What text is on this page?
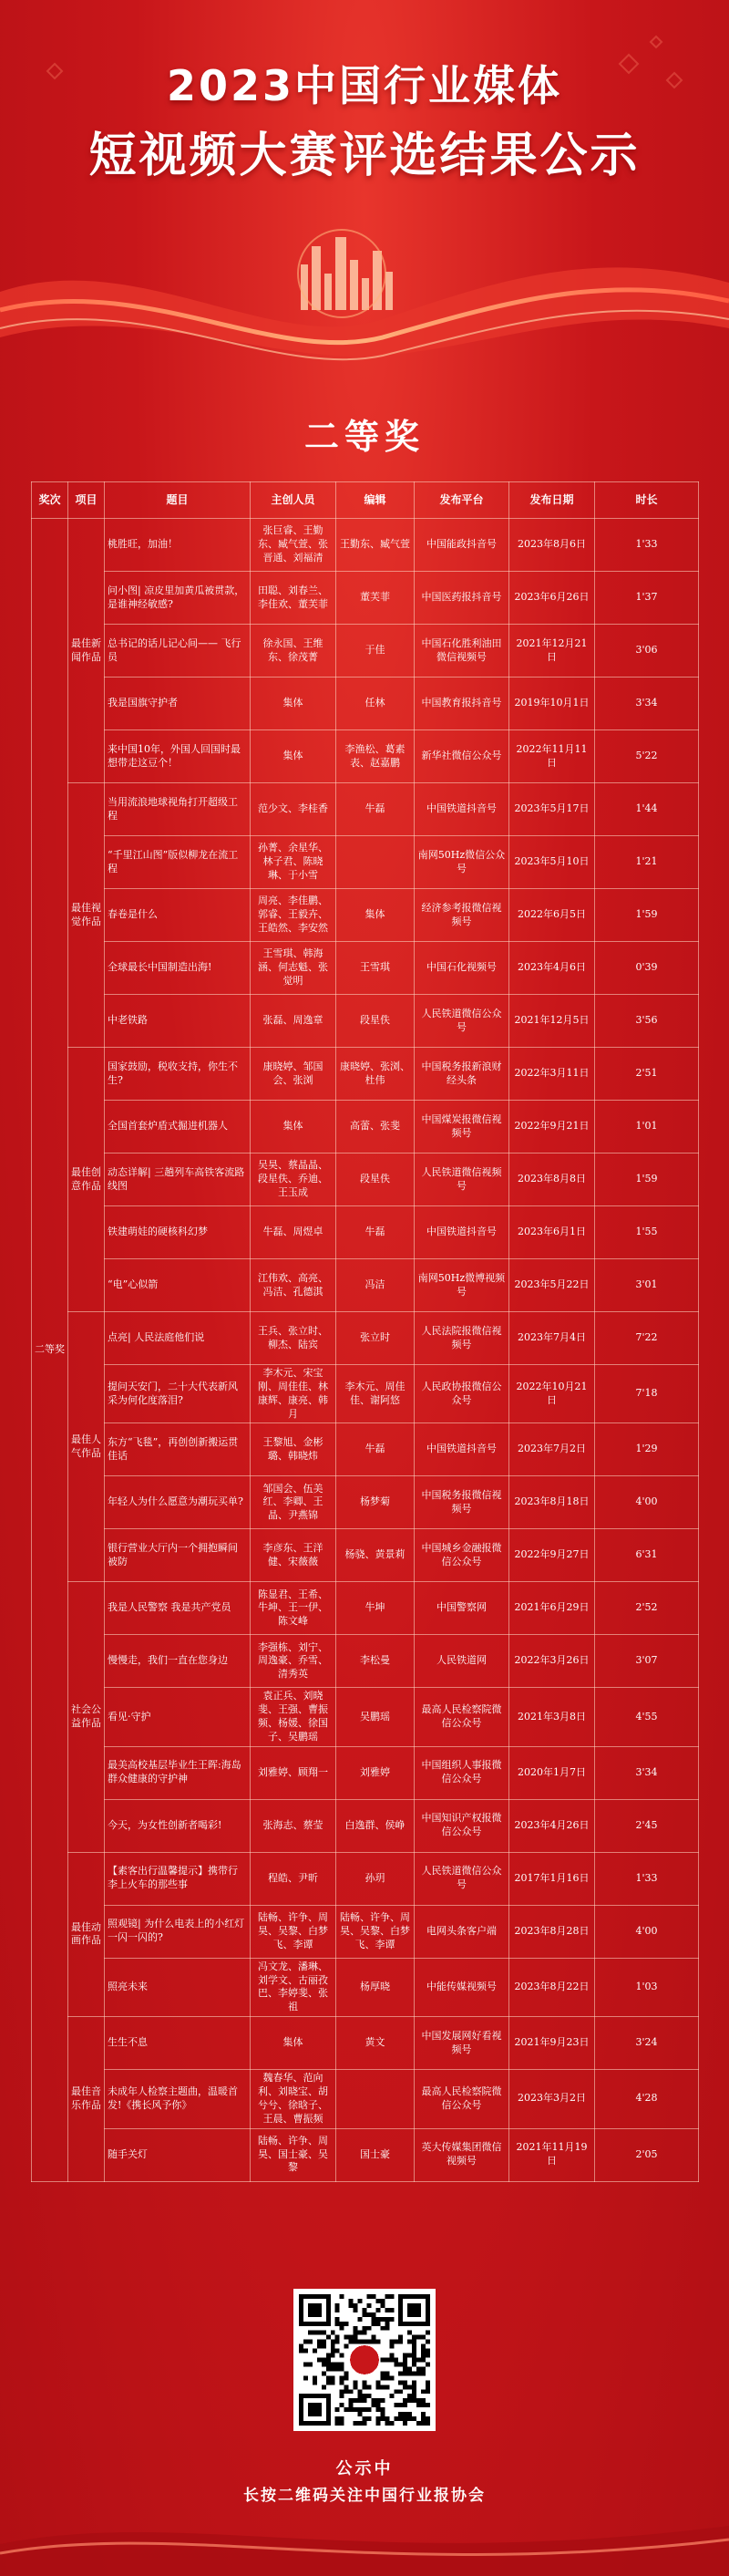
2023中国行业媒体
短视频大赛评选结果公示
二等奖
奖次	项目	题目	主创人员	编辑	发布平台	发布日期	时长
二等奖	最佳新闻作品	桃胜旺，加油！	张巨睿、王勤东、臧气萱、张晋通、刘福清	王勤东、臧气萱	中国能政抖音号	2023年8月6日	1'33
		问小图| 凉皮里加黄瓜被贯款，是谁神经敏感?	田聪、刘春兰、李佳欢、董芙菲	董芙菲	中国医药报抖音号	2023年6月26日	1'37
		总书记的话儿记心间—— 飞行员	徐永国、王维东、徐茂菁	于佳	中国石化胜利油田微信视频号	2021年12月21日	3'06
		我是国旗守护者	集体	任林	中国教育报抖音号	2019年10月1日	3'34
		来中国10年，外国人回国时最想带走这豆个！	集体	李渔松、葛素表、赵嘉鹏	新华社微信公众号	2022年11月11日	5'22
	最佳视觉作品	当用流浪地球视角打开超级工程	范少文、李桂香	牛磊	中国铁道抖音号	2023年5月17日	1'44
		“千里江山图”版似柳龙在流工程	孙菁、余星华、林子君、陈晓琳、于小雪		南网50Hz微信公众号	2023年5月10日	1'21
		春卷是什么	周亮、李佳鹏、郭睿、王毅卉、王皓然、李安然	集体	经济参考报微信视频号	2022年6月5日	1'59
		全球最长中国制造出海!	王雪琪、韩海涵、何志魁、张觉明	王雪琪	中国石化视频号	2023年4月6日	0'39
		中老铁路	张磊、周逸章	段星佚	人民铁道微信公众号	2021年12月5日	3'56
	最佳创意作品	国家鼓励，税收支持，你生不生?	康晓婷、邹国会、张浏	康晓婷、张浏、杜伟	中国税务报新浪财经头条	2022年3月11日	2'51
		全国首套炉盾式掘进机器人	集体	高蕾、张斐	中国煤炭报微信视频号	2022年9月21日	1'01
		动态详解| 三趟列车高铁客流路线图	吴昊、蔡晶晶、段星佚、乔迪、王玉成	段星佚	人民铁道微信视频号	2023年8月8日	1'59
		铁建萌娃的硬核科幻梦	牛磊、周煜卓	牛磊	中国铁道抖音号	2023年6月1日	1'55
		“电”心似箭	江伟欢、高亮、冯洁、孔德淇	冯洁	南网50Hz微博视频号	2023年5月22日	3'01
	最佳人气作品	点亮| 人民法庭他们说	王兵、张立时、柳杰、陆宾	张立时	人民法院报微信视频号	2023年7月4日	7'22
		提问天安门，二十大代表新风采为何化度落泪?	李木元、宋宝刚、周佳佳、林康辉、康亮、韩月	李木元、周佳佳、谢阿悠	人民政协报微信公众号	2022年10月21日	7'18
		东方“飞毯”，再创创新搬运贯佳话	王黎旭、金彬璐、韩晓炜	牛磊	中国铁道抖音号	2023年7月2日	1'29
		年轻人为什么愿意为潮玩买单?	邹国会、伍美红、李卿、王晶、尹燕锦	杨梦菊	中国税务报微信视频号	2023年8月18日	4'00
		银行营业大厅内一个拥抱瞬间被防	李彦东、王洋健、宋薇薇	杨骁、黄景莉	中国城乡金融报微信公众号	2022年9月27日	6'31
	社会公益作品	我是人民警察 我是共产党员	陈显君、王希、牛坤、王一伊、陈文峰	牛坤	中国警察网	2021年6月29日	2'52
		慢慢走，我们一直在您身边	李强栋、刘宁、周逸豪、乔雪、清秀英	李松曼	人民铁道网	2022年3月26日	3'07
		看见·守护	袁正兵、刘晓斐、王强、曹振频、杨媛、徐国子、吴鹏瑶	吴鹏瑶	最高人民检察院微信公众号	2021年3月8日	4'55
		最美高校基层毕业生王晖:海岛群众健康的守护神	刘雅婷、顾翔一	刘雅婷	中国组织人事报微信公众号	2020年1月7日	3'34
		今天，为女性创新者喝彩!	张海志、蔡莹	白逸群、侯峥	中国知识产权报微信公众号	2023年4月26日	2'45
	最佳动画作品	【素客出行温馨提示】携带行李上火车的那些事	程皓、尹昕	孙玥	人民铁道微信公众号	2017年1月16日	1'33
		照观镜| 为什么电表上的小红灯一闪一闪的?	陆畅、许争、周昊、吴黎、白梦飞、李谭	陆畅、许争、周昊、吴黎、白梦飞、李谭	电网头条客户端	2023年8月28日	4'00
		照亮未来	冯文龙、潘琳、刘学文、古丽孜巴、李婷斐、张祖	杨厚晓	中能传媒视频号	2023年8月22日	1'03
	最佳音乐作品	生生不息	集体	黄文	中国发展网好看视频号	2021年9月23日	3'24
		未成年人检察主题曲，温暖首发!《携长风予你》	魏春华、范向利、刘晓宝、胡兮兮、徐晗子、王晨、曹振频		最高人民检察院微信公众号	2023年3月2日	4'28
		随手关灯	陆畅、许争、周昊、国士豪、吴黎	国士豪	英大传媒集团微信视频号	2021年11月19日	2'05
公示中
长按二维码关注中国行业报协会
